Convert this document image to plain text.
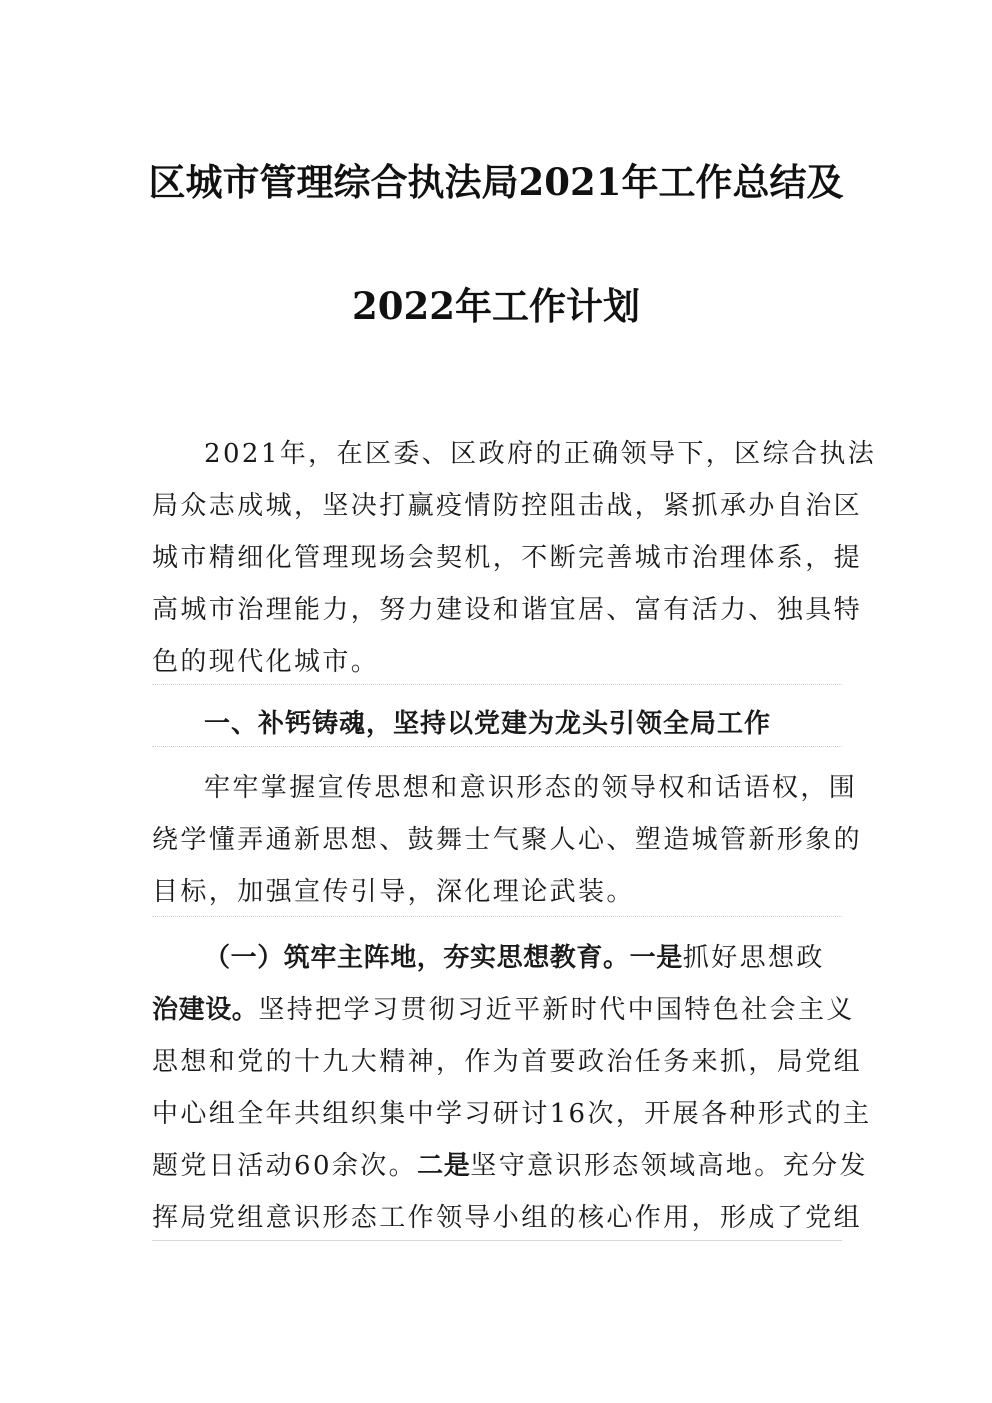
区城市管理综合执法局2021年工作总结及
2022年工作计划
2021年，在区委、区政府的正确领导下，区综合执法
局众志成城，坚决打赢疫情防控阻击战，紧抓承办自治区
城市精细化管理现场会契机，不断完善城市治理体系，提
高城市治理能力，努力建设和谐宜居、富有活力、独具特
色的现代化城市。
一、补钙铸魂，坚持以党建为龙头引领全局工作
牢牢掌握宣传思想和意识形态的领导权和话语权，围
绕学懂弄通新思想、鼓舞士气聚人心、塑造城管新形象的
目标，加强宣传引导，深化理论武装。
（一）筑牢主阵地，夯实思想教育。一是抓好思想政
治建设。坚持把学习贯彻习近平新时代中国特色社会主义
思想和党的十九大精神，作为首要政治任务来抓，局党组
中心组全年共组织集中学习研讨16次，开展各种形式的主
题党日活动60余次。二是坚守意识形态领域高地。充分发
挥局党组意识形态工作领导小组的核心作用，形成了党组
